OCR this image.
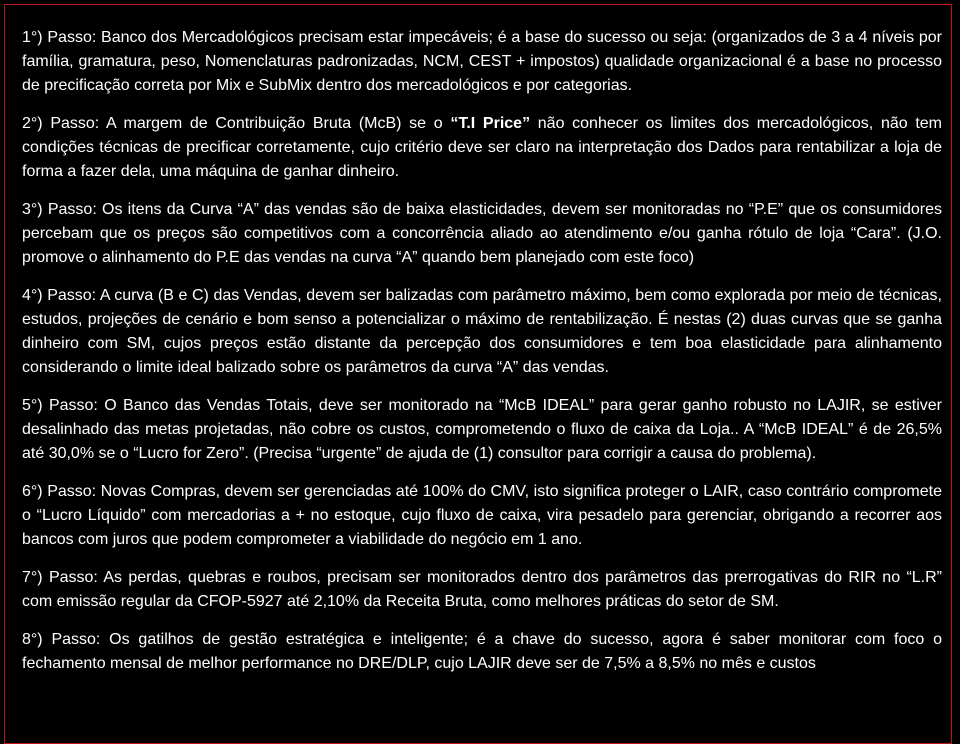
1°) Passo: Banco dos Mercadológicos precisam estar impecáveis; é a base do sucesso ou seja: (organizados de 3 a 4 níveis por família, gramatura, peso, Nomenclaturas padronizadas, NCM, CEST + impostos) qualidade organizacional é a base no processo de precificação correta por Mix e SubMix dentro dos mercadológicos e por categorias.

2°) Passo: A margem de Contribuição Bruta (McB) se o “T.I Price” não conhecer os limites dos mercadológicos, não tem condições técnicas de precificar corretamente, cujo critério deve ser claro na interpretação dos Dados para rentabilizar a loja de forma a fazer dela, uma máquina de ganhar dinheiro.

3°) Passo: Os itens da Curva “A” das vendas são de baixa elasticidades, devem ser monitoradas no “P.E” que os consumidores percebam que os preços são competitivos com a concorrência aliado ao atendimento e/ou ganha rótulo de loja “Cara”. (J.O. promove o alinhamento do P.E das vendas na curva “A” quando bem planejado com este foco)

4°) Passo: A curva (B e C) das Vendas, devem ser balizadas com parâmetro máximo, bem como explorada por meio de técnicas, estudos, projeções de cenário e bom senso a potencializar o máximo de rentabilização. É nestas (2) duas curvas que se ganha dinheiro com SM, cujos preços estão distante da percepção dos consumidores e tem boa elasticidade para alinhamento considerando o limite ideal balizado sobre os parâmetros da curva “A” das vendas.

5°) Passo: O Banco das Vendas Totais, deve ser monitorado na “McB IDEAL” para gerar ganho robusto no LAJIR, se estiver desalinhado das metas projetadas, não cobre os custos, comprometendo o fluxo de caixa da Loja.. A “McB IDEAL” é de 26,5% até 30,0% se o “Lucro for Zero”. (Precisa “urgente” de ajuda de (1) consultor para corrigir a causa do problema).

6°) Passo: Novas Compras, devem ser gerenciadas até 100% do CMV, isto significa proteger o LAIR, caso contrário compromete o “Lucro Líquido” com mercadorias a + no estoque, cujo fluxo de caixa, vira pesadelo para gerenciar, obrigando a recorrer aos bancos com juros que podem comprometer a viabilidade do negócio em 1 ano.

7°) Passo: As perdas, quebras e roubos, precisam ser monitorados dentro dos parâmetros das prerrogativas do RIR no “L.R” com emissão regular da CFOP-5927 até 2,10% da Receita Bruta, como melhores práticas do setor de SM.

8°) Passo: Os gatilhos de gestão estratégica e inteligente; é a chave do sucesso, agora é saber monitorar com foco o fechamento mensal de melhor performance no DRE/DLP, cujo LAJIR deve ser de 7,5% a 8,5% no mês e custos
